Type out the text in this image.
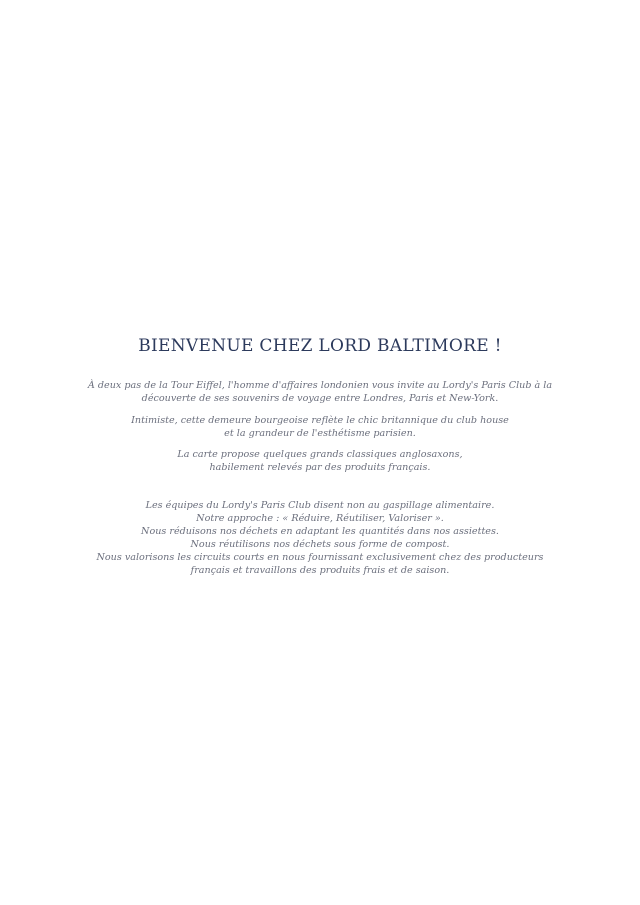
BIENVENUE CHEZ LORD BALTIMORE !
À deux pas de la Tour Eiffel, l'homme d'affaires londonien vous invite au Lordy's Paris Club à la
découverte de ses souvenirs de voyage entre Londres, Paris et New-York.
Intimiste, cette demeure bourgeoise reflète le chic britannique du club house
et la grandeur de l'esthétisme parisien.
La carte propose quelques grands classiques anglosaxons,
habilement relevés par des produits français.
Les équipes du Lordy's Paris Club disent non au gaspillage alimentaire.
Notre approche : « Réduire, Réutiliser, Valoriser ».
Nous réduisons nos déchets en adaptant les quantités dans nos assiettes.
Nous réutilisons nos déchets sous forme de compost.
Nous valorisons les circuits courts en nous fournissant exclusivement chez des producteurs
français et travaillons des produits frais et de saison.
